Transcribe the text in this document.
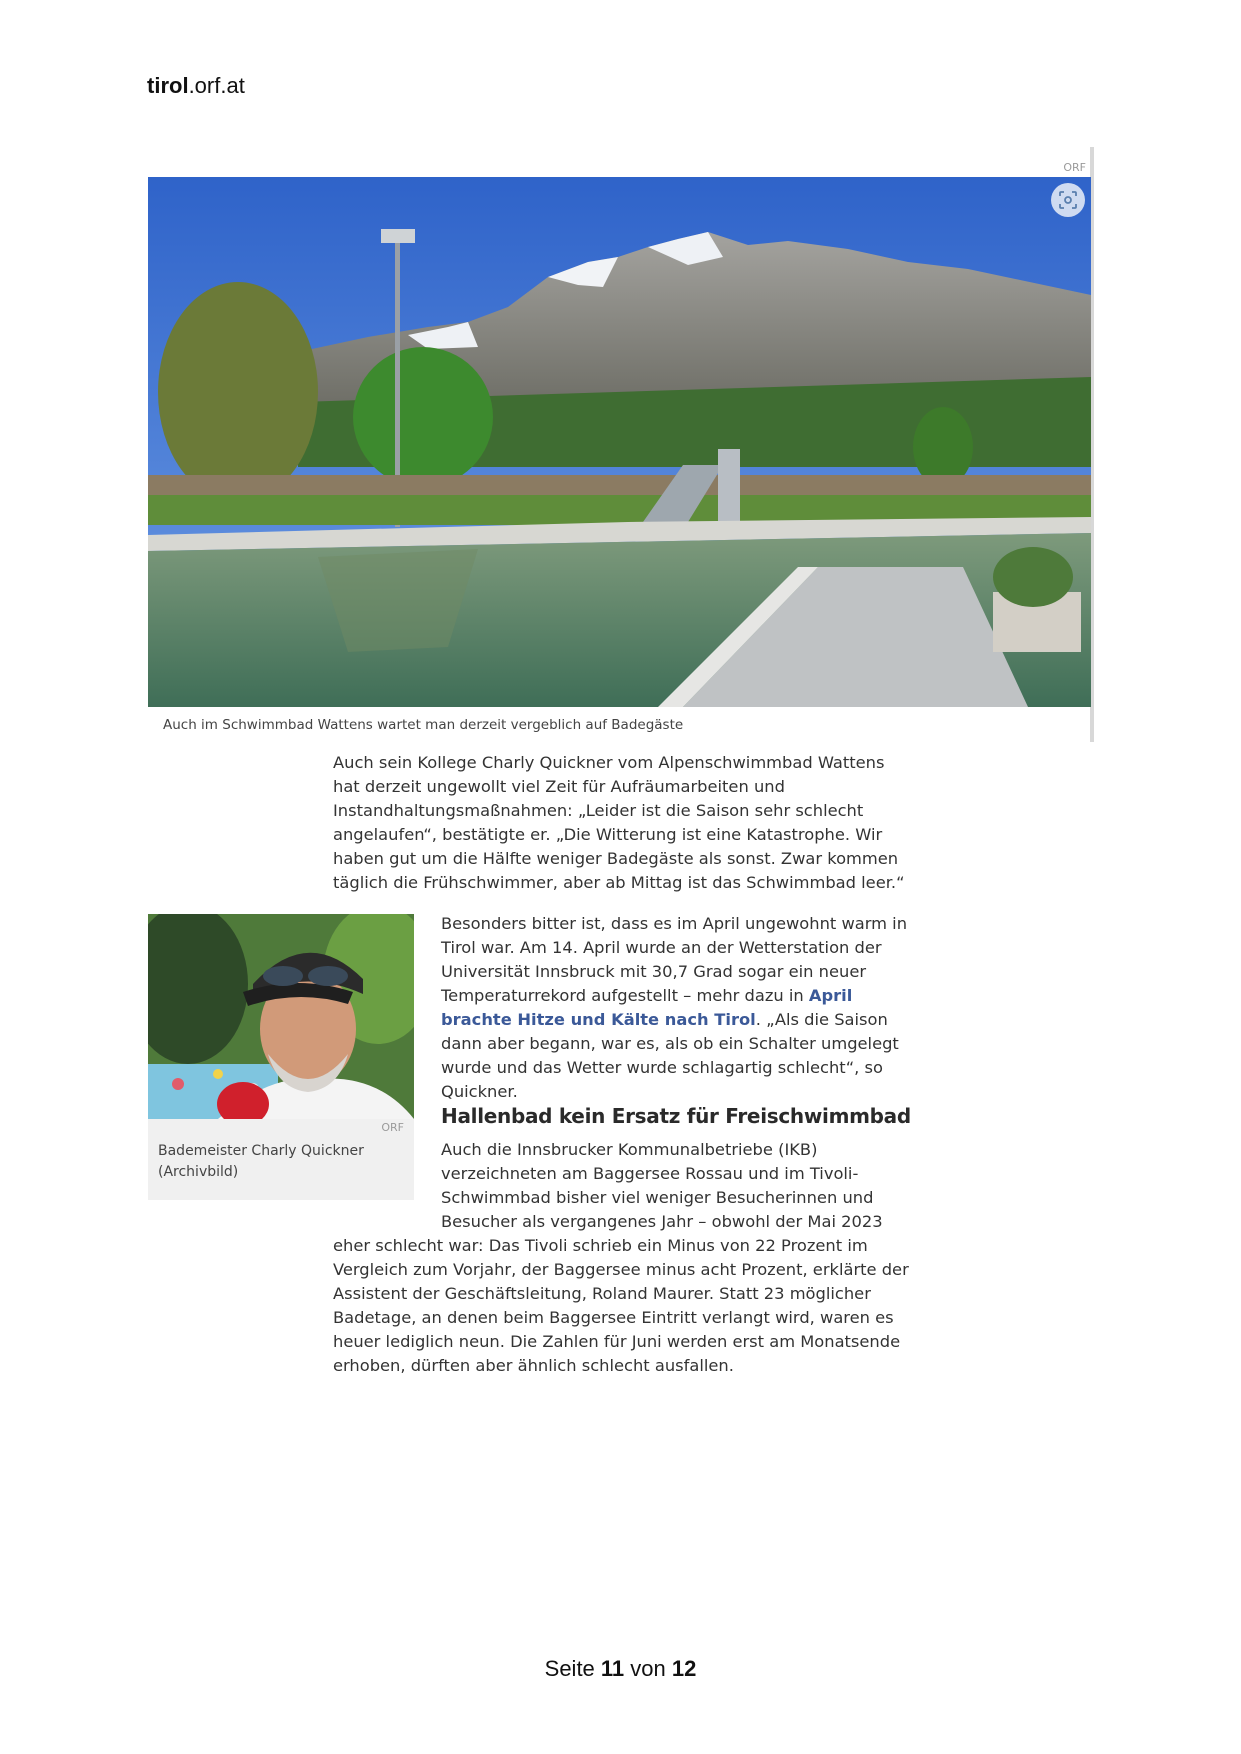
tirol.orf.at
ORF
Auch im Schwimmbad Wattens wartet man derzeit vergeblich auf Badegäste

Auch sein Kollege Charly Quickner vom Alpenschwimmbad Wattens hat derzeit ungewollt viel Zeit für Aufräumarbeiten und Instandhaltungsmaßnahmen: „Leider ist die Saison sehr schlecht angelaufen“, bestätigte er. „Die Witterung ist eine Katastrophe. Wir haben gut um die Hälfte weniger Badegäste als sonst. Zwar kommen täglich die Frühschwimmer, aber ab Mittag ist das Schwimmbad leer.“

ORF
Bademeister Charly Quickner
(Archivbild)

Besonders bitter ist, dass es im April ungewohnt warm in Tirol war. Am 14. April wurde an der Wetterstation der Universität Innsbruck mit 30,7 Grad sogar ein neuer Temperaturrekord aufgestellt – mehr dazu in April brachte Hitze und Kälte nach Tirol. „Als die Saison dann aber begann, war es, als ob ein Schalter umgelegt wurde und das Wetter wurde schlagartig schlecht“, so Quickner.

Hallenbad kein Ersatz für Freischwimmbad

Auch die Innsbrucker Kommunalbetriebe (IKB) verzeichneten am Baggersee Rossau und im Tivoli-Schwimmbad bisher viel weniger Besucherinnen und Besucher als vergangenes Jahr – obwohl der Mai 2023

eher schlecht war: Das Tivoli schrieb ein Minus von 22 Prozent im Vergleich zum Vorjahr, der Baggersee minus acht Prozent, erklärte der Assistent der Geschäftsleitung, Roland Maurer. Statt 23 möglicher Badetage, an denen beim Baggersee Eintritt verlangt wird, waren es heuer lediglich neun. Die Zahlen für Juni werden erst am Monatsende erhoben, dürften aber ähnlich schlecht ausfallen.

Seite 11 von 12
